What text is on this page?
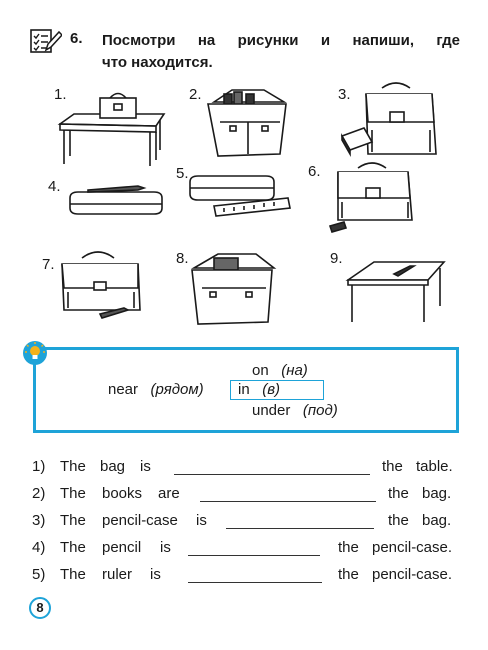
6. Посмотри на рисунки и напиши, где
что находится.
1.	2.	3.
4.
5.	6.
7.	8.	9.
on (на)
near (рядом) in (в)
under (под)
1) The bag is	the table.
2) The books are	the bag.
3) The pencil-case is	the bag.
4) The pencil is	the pencil-case.
5) The ruler is	the pencil-case.
8
